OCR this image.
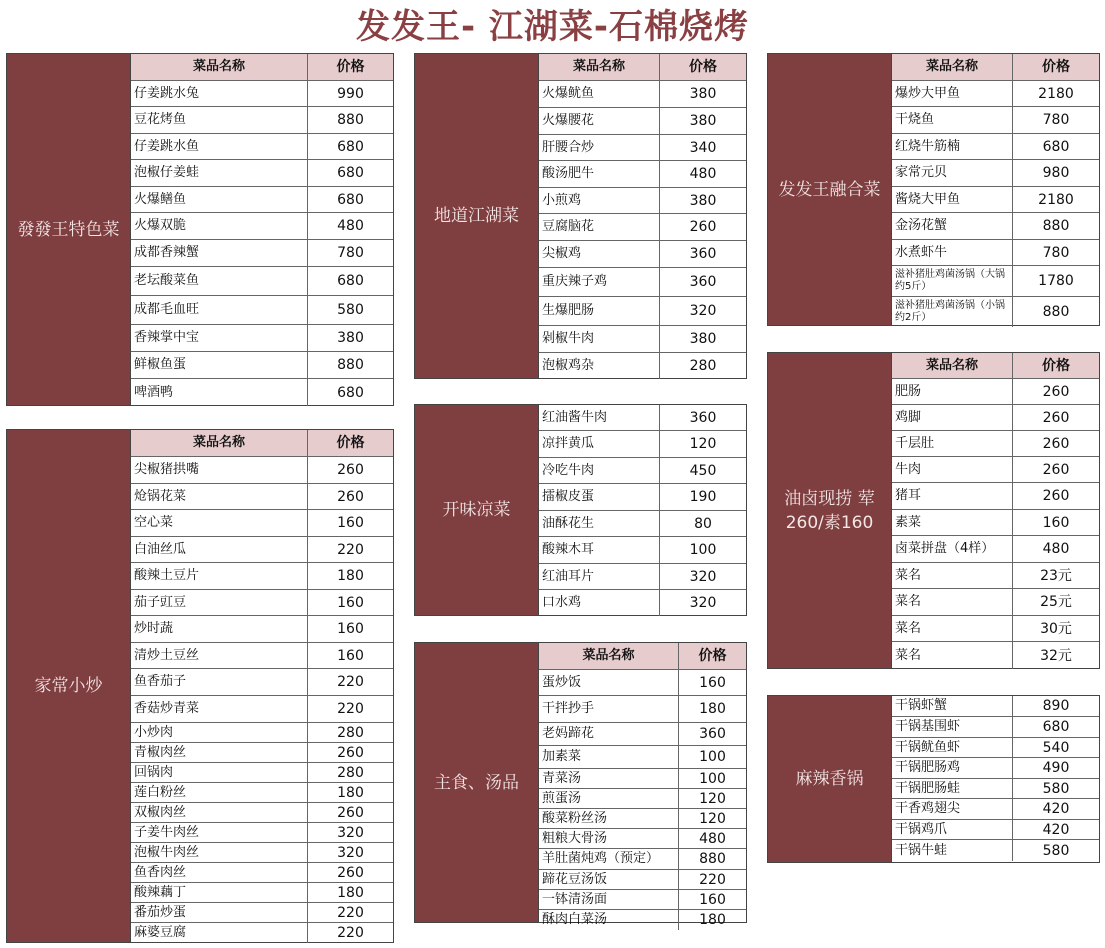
发发王- 江湖菜-石棉烧烤
發發王特色菜
菜品名称	价格
仔姜跳水兔	990
豆花烤鱼	880
仔姜跳水鱼	680
泡椒仔姜蛙	680
火爆鳝鱼	680
火爆双脆	480
成都香辣蟹	780
老坛酸菜鱼	680
成都毛血旺	580
香辣掌中宝	380
鲜椒鱼蛋	880
啤酒鸭	680
家常小炒
菜品名称	价格
尖椒猪拱嘴	260
炝锅花菜	260
空心菜	160
白油丝瓜	220
酸辣土豆片	180
茄子豇豆	160
炒时蔬	160
清炒土豆丝	160
鱼香茄子	220
香菇炒青菜	220
小炒肉	280
青椒肉丝	260
回锅肉	280
莲白粉丝	180
双椒肉丝	260
子姜牛肉丝	320
泡椒牛肉丝	320
鱼香肉丝	260
酸辣藕丁	180
番茄炒蛋	220
麻婆豆腐	220
地道江湖菜
菜品名称	价格
火爆鱿鱼	380
火爆腰花	380
肝腰合炒	340
酸汤肥牛	480
小煎鸡	380
豆腐脑花	260
尖椒鸡	360
重庆辣子鸡	360
生爆肥肠	320
剁椒牛肉	380
泡椒鸡杂	280
开味凉菜
红油酱牛肉	360
凉拌黄瓜	120
冷吃牛肉	450
擂椒皮蛋	190
油酥花生	80
酸辣木耳	100
红油耳片	320
口水鸡	320
主食、汤品
菜品名称	价格
蛋炒饭	160
干拌抄手	180
老妈蹄花	360
加素菜	100
青菜汤	100
煎蛋汤	120
酸菜粉丝汤	120
粗粮大骨汤	480
羊肚菌炖鸡（预定）	880
蹄花豆汤饭	220
一钵清汤面	160
酥肉白菜汤	180
发发王融合菜
菜品名称	价格
爆炒大甲鱼	2180
干烧鱼	780
红烧牛筋楠	680
家常元贝	980
酱烧大甲鱼	2180
金汤花蟹	880
水煮虾牛	780
滋补猪肚鸡菌汤锅（大锅约5斤）	1780
滋补猪肚鸡菌汤锅（小锅约2斤）	880
油卤现捞 荤260/素160
菜品名称	价格
肥肠	260
鸡脚	260
千层肚	260
牛肉	260
猪耳	260
素菜	160
卤菜拼盘（4样）	480
菜名	23元
菜名	25元
菜名	30元
菜名	32元
麻辣香锅
干锅虾蟹	890
干锅基围虾	680
干锅鱿鱼虾	540
干锅肥肠鸡	490
干锅肥肠蛙	580
干香鸡翅尖	420
干锅鸡爪	420
干锅牛蛙	580
